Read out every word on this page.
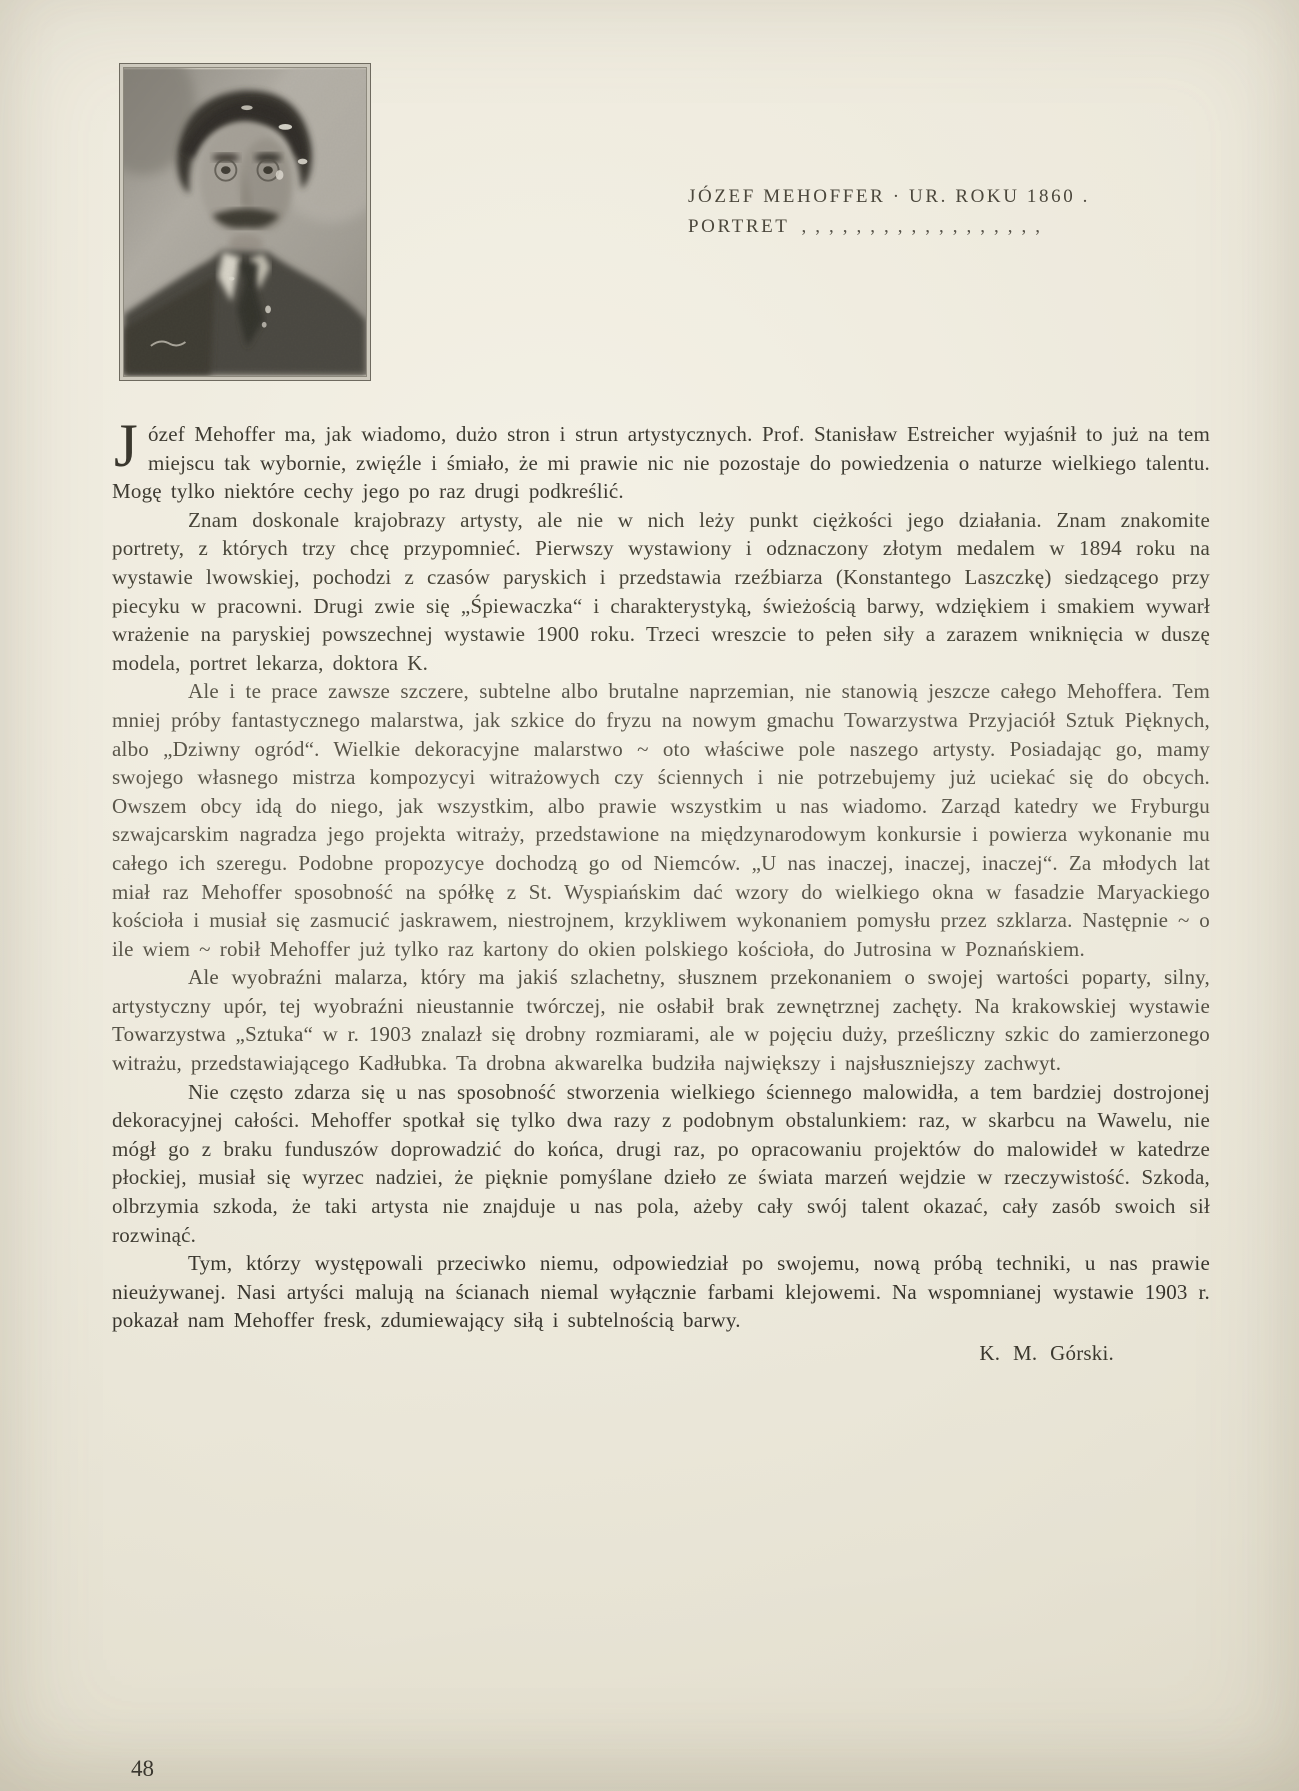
JÓZEF MEHOFFER · UR. ROKU 1860 .
PORTRET ,,,,,,,,,,,,,,,,,,

Józef Mehoffer ma, jak wiadomo, dużo stron i strun artystycznych. Prof. Stanisław Estreicher wyjaśnił to już na tem miejscu tak wybornie, zwięźle i śmiało, że mi prawie nic nie pozostaje do powiedzenia o naturze wielkiego talentu. Mogę tylko niektóre cechy jego po raz drugi podkreślić.

Znam doskonale krajobrazy artysty, ale nie w nich leży punkt ciężkości jego działania. Znam znakomite portrety, z których trzy chcę przypomnieć. Pierwszy wystawiony i odznaczony złotym medalem w 1894 roku na wystawie lwowskiej, pochodzi z czasów paryskich i przedstawia rzeźbiarza (Konstantego Laszczkę) siedzącego przy piecyku w pracowni. Drugi zwie się „Śpiewaczka“ i charakterystyką, świeżością barwy, wdziękiem i smakiem wywarł wrażenie na paryskiej powszechnej wystawie 1900 roku. Trzeci wreszcie to pełen siły a zarazem wniknięcia w duszę modela, portret lekarza, doktora K.

Ale i te prace zawsze szczere, subtelne albo brutalne naprzemian, nie stanowią jeszcze całego Mehoffera. Tem mniej próby fantastycznego malarstwa, jak szkice do fryzu na nowym gmachu Towarzystwa Przyjaciół Sztuk Pięknych, albo „Dziwny ogród“. Wielkie dekoracyjne malarstwo ~ oto właściwe pole naszego artysty. Posiadając go, mamy swojego własnego mistrza kompozycyi witrażowych czy ściennych i nie potrzebujemy już uciekać się do obcych. Owszem obcy idą do niego, jak wszystkim, albo prawie wszystkim u nas wiadomo. Zarząd katedry we Fryburgu szwajcarskim nagradza jego projekta witraży, przedstawione na międzynarodowym konkursie i powierza wykonanie mu całego ich szeregu. Podobne propozycye dochodzą go od Niemców. „U nas inaczej, inaczej, inaczej“. Za młodych lat miał raz Mehoffer sposobność na spółkę z St. Wyspiańskim dać wzory do wielkiego okna w fasadzie Maryackiego kościoła i musiał się zasmucić jaskrawem, niestrojnem, krzykliwem wykonaniem pomysłu przez szklarza. Następnie ~ o ile wiem ~ robił Mehoffer już tylko raz kartony do okien polskiego kościoła, do Jutrosina w Poznańskiem.

Ale wyobraźni malarza, który ma jakiś szlachetny, słusznem przekonaniem o swojej wartości poparty, silny, artystyczny upór, tej wyobraźni nieustannie twórczej, nie osłabił brak zewnętrznej zachęty. Na krakowskiej wystawie Towarzystwa „Sztuka“ w r. 1903 znalazł się drobny rozmiarami, ale w pojęciu duży, prześliczny szkic do zamierzonego witrażu, przedstawiającego Kadłubka. Ta drobna akwarelka budziła największy i najsłuszniejszy zachwyt.

Nie często zdarza się u nas sposobność stworzenia wielkiego ściennego malowidła, a tem bardziej dostrojonej dekoracyjnej całości. Mehoffer spotkał się tylko dwa razy z podobnym obstalunkiem: raz, w skarbcu na Wawelu, nie mógł go z braku funduszów doprowadzić do końca, drugi raz, po opracowaniu projektów do malowideł w katedrze płockiej, musiał się wyrzec nadziei, że pięknie pomyślane dzieło ze świata marzeń wejdzie w rzeczywistość. Szkoda, olbrzymia szkoda, że taki artysta nie znajduje u nas pola, ażeby cały swój talent okazać, cały zasób swoich sił rozwinąć.

Tym, którzy występowali przeciwko niemu, odpowiedział po swojemu, nową próbą techniki, u nas prawie nieużywanej. Nasi artyści malują na ścianach niemal wyłącznie farbami klejowemi. Na wspomnianej wystawie 1903 r. pokazał nam Mehoffer fresk, zdumiewający siłą i subtelnością barwy.

K. M. Górski.
48
